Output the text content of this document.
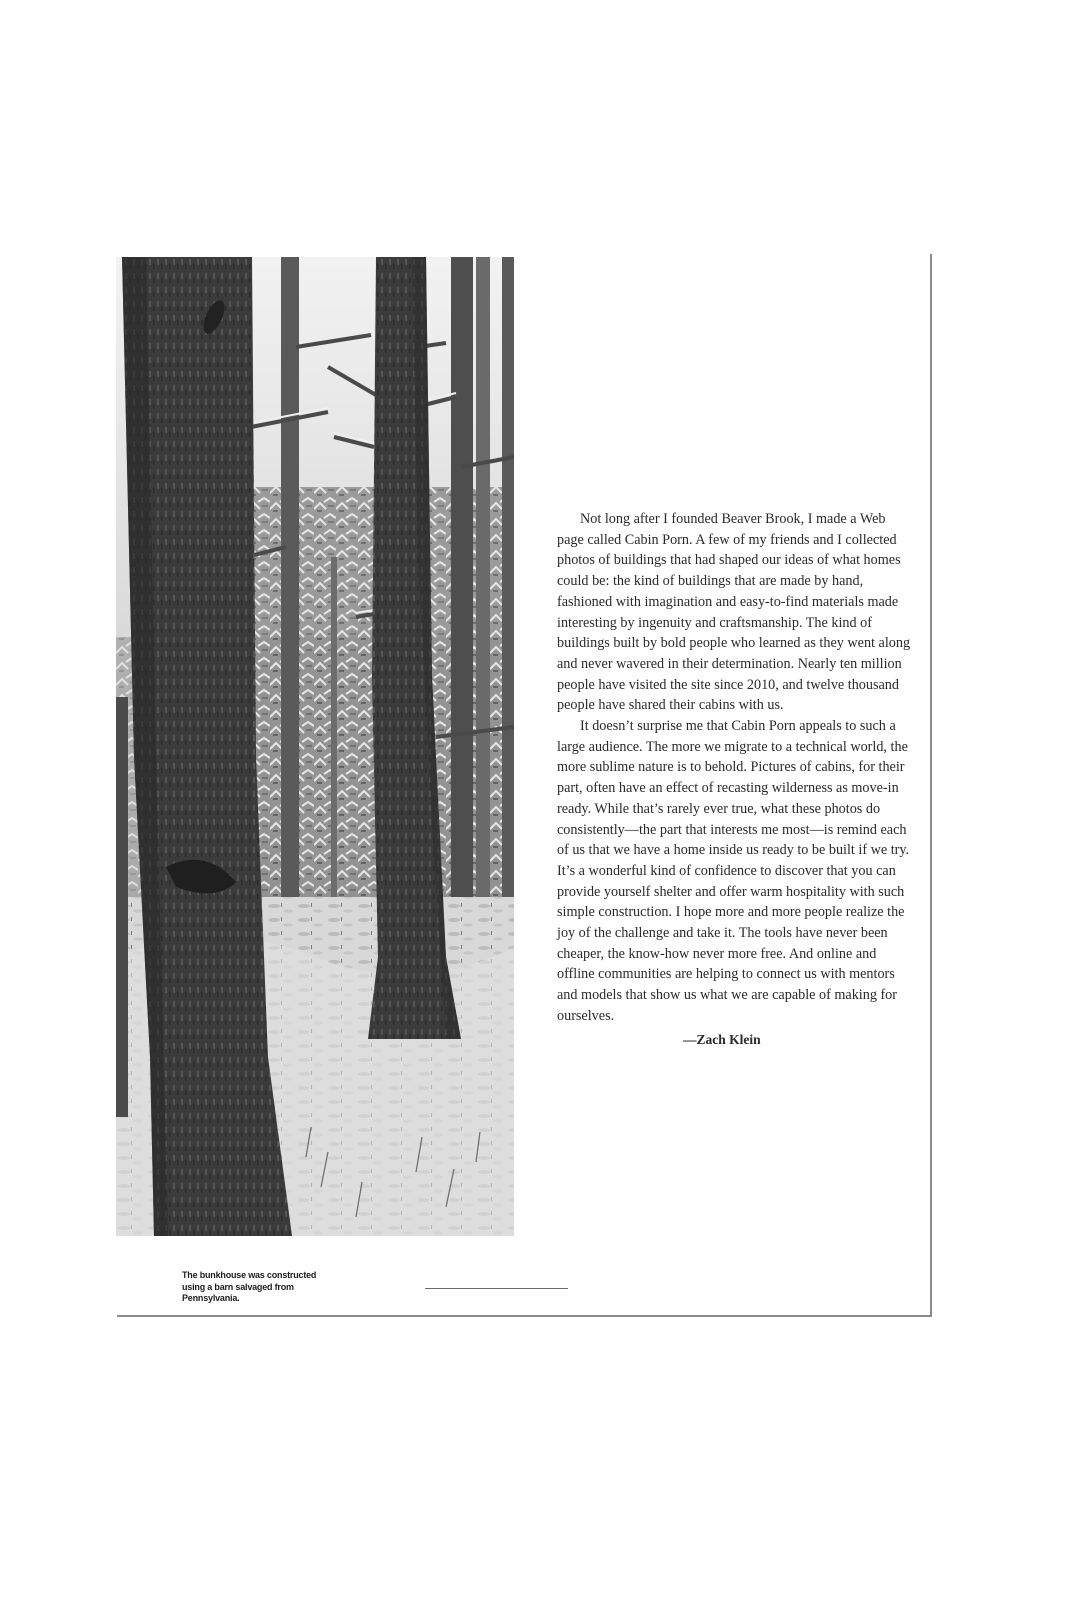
Not long after I founded Beaver Brook, I made a Web page called Cabin Porn. A few of my friends and I collected photos of buildings that had shaped our ideas of what homes could be: the kind of buildings that are made by hand, fashioned with imagination and easy-to-find materials made interesting by ingenuity and craftsmanship. The kind of buildings built by bold people who learned as they went along and never wavered in their determination. Nearly ten million people have visited the site since 2010, and twelve thousand people have shared their cabins with us.

It doesn’t surprise me that Cabin Porn appeals to such a large audience. The more we migrate to a technical world, the more sublime nature is to behold. Pictures of cabins, for their part, often have an effect of recasting wilderness as move-in ready. While that’s rarely ever true, what these photos do consistently—the part that interests me most—is remind each of us that we have a home inside us ready to be built if we try. It’s a wonderful kind of confidence to discover that you can provide yourself shelter and offer warm hospitality with such simple construction. I hope more and more people realize the joy of the challenge and take it. The tools have never been cheaper, the know-how never more free. And online and offline communities are helping to connect us with mentors and models that show us what we are capable of making for ourselves.

—Zach Klein
The bunkhouse was constructed using a barn salvaged from Pennsylvania.
